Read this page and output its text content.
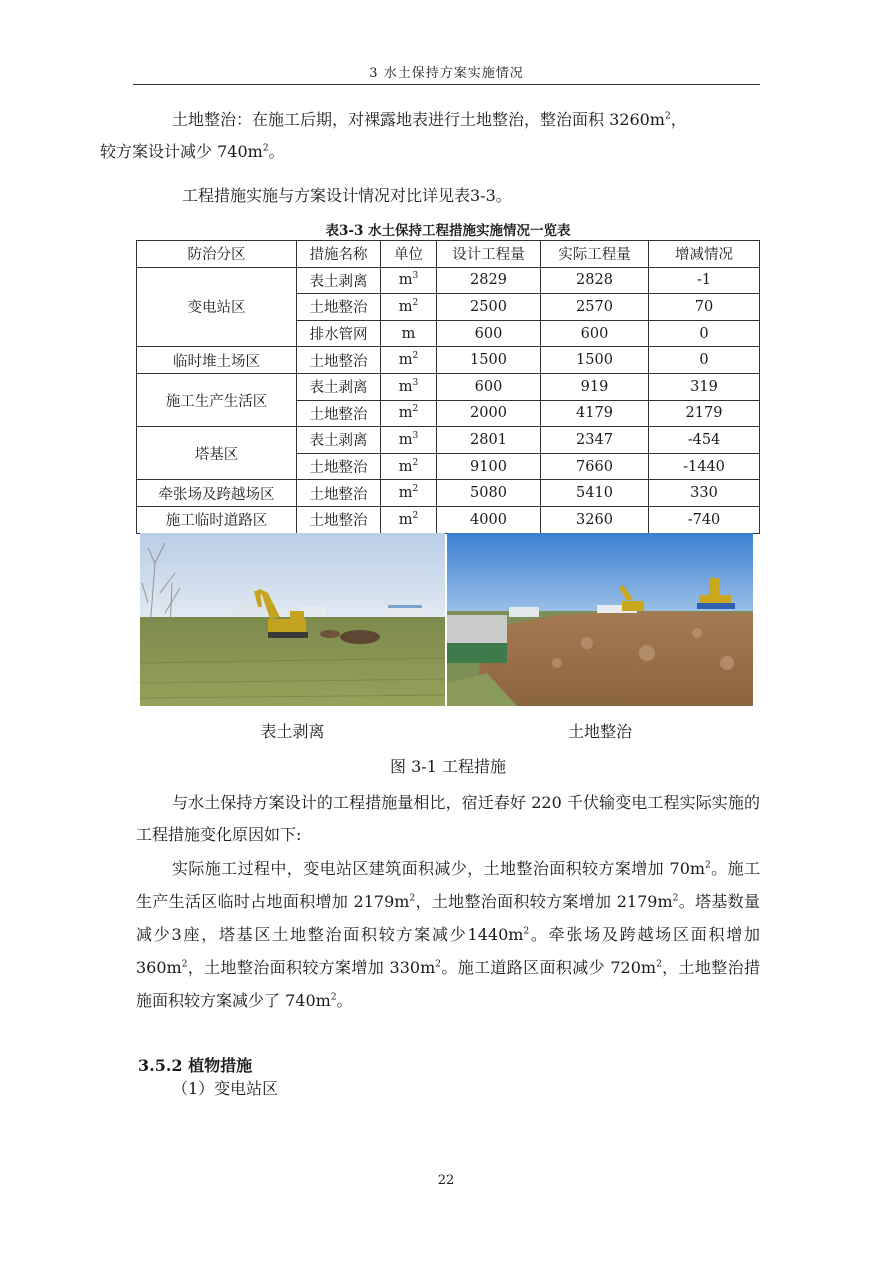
3 水土保持方案实施情况

土地整治：在施工后期，对裸露地表进行土地整治，整治面积 $3260m^2$，
较方案设计减少 $740m^2$。

工程措施实施与方案设计情况对比详见表3-3。

表3-3 水土保持工程措施实施情况一览表
防治分区	措施名称	单位	设计工程量	实际工程量	增减情况
变电站区	表土剥离	$m^3$	2829	2828	-1
	土地整治	$m^2$	2500	2570	70
	排水管网	m	600	600	0
临时堆土场区	土地整治	$m^2$	1500	1500	0
施工生产生活区	表土剥离	$m^3$	600	919	319
	土地整治	$m^2$	2000	4179	2179
塔基区	表土剥离	$m^3$	2801	2347	-454
	土地整治	$m^2$	9100	7660	-1440
牵张场及跨越场区	土地整治	$m^2$	5080	5410	330
施工临时道路区	土地整治	$m^2$	4000	3260	-740
表土剥离	土地整治
图 3-1 工程措施

与水土保持方案设计的工程措施量相比，宿迁春好 220 千伏输变电工程实际实施的工程措施变化原因如下:

实际施工过程中，变电站区建筑面积减少，土地整治面积较方案增加 $70m^2$。施工生产生活区临时占地面积增加 $2179m^2$，土地整治面积较方案增加 $2179m^2$。塔基数量减少3座，塔基区土地整治面积较方案减少$1440m^2$。牵张场及跨越场区面积增加 $360m^2$，土地整治面积较方案增加 $330m^2$。施工道路区面积减少 $720m^2$，土地整治措施面积较方案减少了 $740m^2$。

3.5.2 植物措施
（1）变电站区
22
